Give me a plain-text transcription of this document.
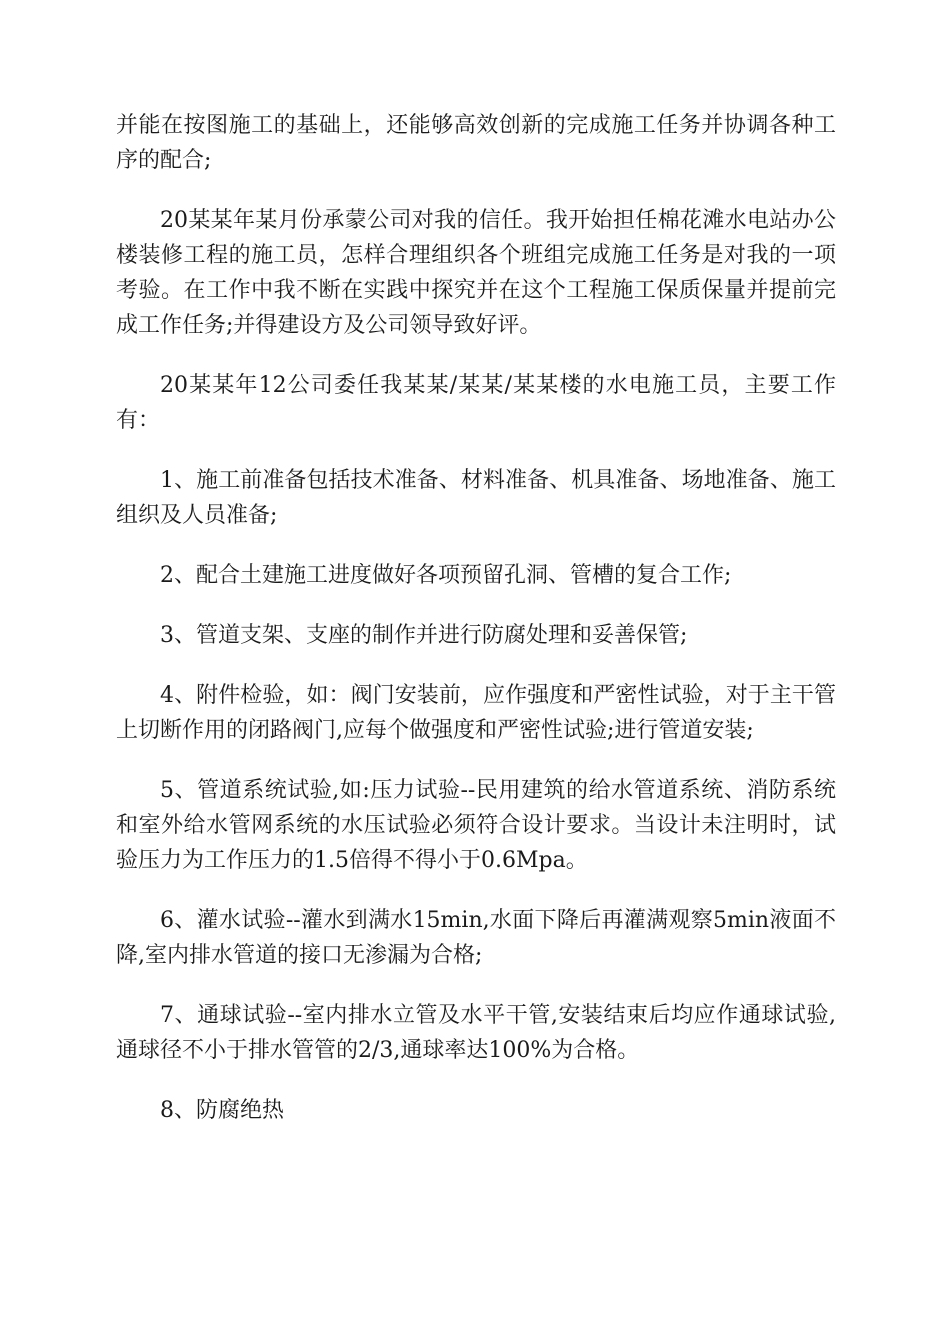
并能在按图施工的基础上，还能够高效创新的完成施工任务并协调各种工序的配合;

20某某年某月份承蒙公司对我的信任。我开始担任棉花滩水电站办公楼装修工程的施工员，怎样合理组织各个班组完成施工任务是对我的一项考验。在工作中我不断在实践中探究并在这个工程施工保质保量并提前完成工作任务;并得建设方及公司领导致好评。

20某某年12公司委任我某某/某某/某某楼的水电施工员，主要工作有：

1、施工前准备包括技术准备、材料准备、机具准备、场地准备、施工组织及人员准备;

2、配合土建施工进度做好各项预留孔洞、管槽的复合工作;

3、管道支架、支座的制作并进行防腐处理和妥善保管;

4、附件检验，如：阀门安装前，应作强度和严密性试验，对于主干管上切断作用的闭路阀门,应每个做强度和严密性试验;进行管道安装;

5、管道系统试验,如:压力试验--民用建筑的给水管道系统、消防系统和室外给水管网系统的水压试验必须符合设计要求。当设计未注明时，试验压力为工作压力的1.5倍得不得小于0.6Mpa。

6、灌水试验--灌水到满水15min,水面下降后再灌满观察5min液面不降,室内排水管道的接口无渗漏为合格;

7、通球试验--室内排水立管及水平干管,安装结束后均应作通球试验,通球径不小于排水管管的2/3,通球率达100%为合格。

8、防腐绝热
